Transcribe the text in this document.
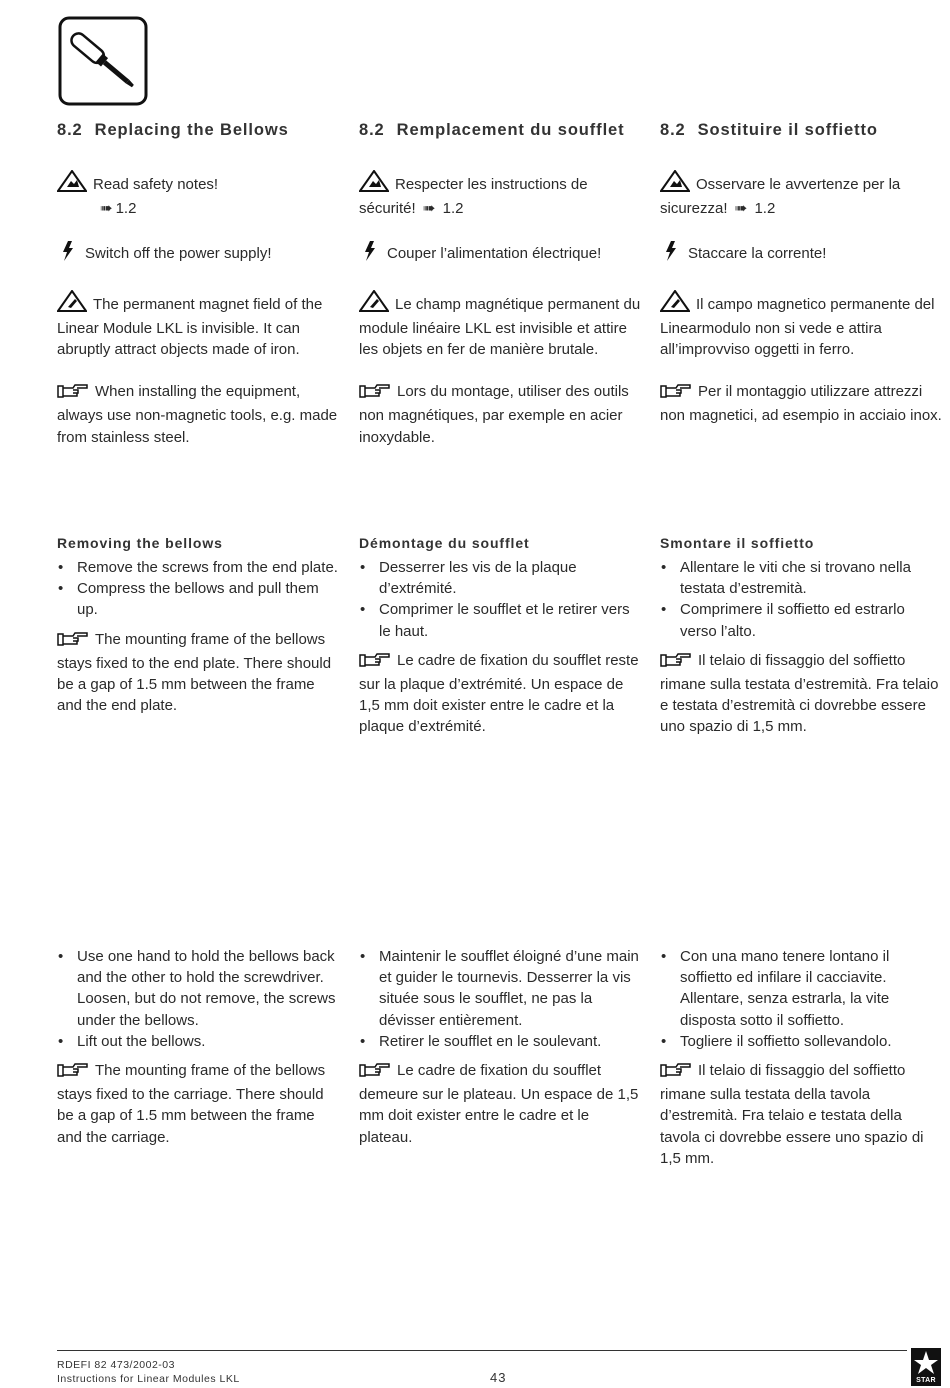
8.2 Replacing the Bellows

Read safety notes!
➠ 1.2

Switch off the power supply!

The permanent magnet field of the Linear Module LKL is invisible. It can abruptly attract objects made of iron.

When installing the equipment, always use non-magnetic tools, e.g. made from stainless steel.

Removing the bellows
• Remove the screws from the end plate.
• Compress the bellows and pull them up.

The mounting frame of the bellows stays fixed to the end plate. There should be a gap of 1.5 mm between the frame and the end plate.

• Use one hand to hold the bellows back and the other to hold the screwdriver. Loosen, but do not remove, the screws under the bellows.
• Lift out the bellows.

The mounting frame of the bellows stays fixed to the carriage. There should be a gap of 1.5 mm between the frame and the carriage.

8.2 Remplacement du soufflet

Respecter les instructions de sécurité! ➠ 1.2

Couper l’alimentation électrique!

Le champ magnétique permanent du module linéaire LKL est invisible et attire les objets en fer de manière brutale.

Lors du montage, utiliser des outils non magnétiques, par exemple en acier inoxydable.

Démontage du soufflet
• Desserrer les vis de la plaque d’extrémité.
• Comprimer le soufflet et le retirer vers le haut.

Le cadre de fixation du soufflet reste sur la plaque d’extrémité. Un espace de 1,5 mm doit exister entre le cadre et la plaque d’extrémité.

• Maintenir le soufflet éloigné d’une main et guider le tournevis. Desserrer la vis située sous le soufflet, ne pas la dévisser entièrement.
• Retirer le soufflet en le soulevant.

Le cadre de fixation du soufflet demeure sur le plateau. Un espace de 1,5 mm doit exister entre le cadre et le plateau.

8.2 Sostituire il soffietto

Osservare le avvertenze per la sicurezza! ➠ 1.2

Staccare la corrente!

Il campo magnetico permanente del Linearmodulo non si vede e attira all’improvviso oggetti in ferro.

Per il montaggio utilizzare attrezzi non magnetici, ad esempio in acciaio inox.

Smontare il soffietto
• Allentare le viti che si trovano nella testata d’estremità.
• Comprimere il soffietto ed estrarlo verso l’alto.

Il telaio di fissaggio del soffietto rimane sulla testata d’estremità. Fra telaio e testata d’estremità ci dovrebbe essere uno spazio di 1,5 mm.

• Con una mano tenere lontano il soffietto ed infilare il cacciavite. Allentare, senza estrarla, la vite disposta sotto il soffietto.
• Togliere il soffietto sollevandolo.

Il telaio di fissaggio del soffietto rimane sulla testata della tavola d’estremità. Fra telaio e testata della tavola ci dovrebbe essere uno spazio di 1,5 mm.

RDEFI 82 473/2002-03
Instructions for Linear Modules LKL	43	STAR
